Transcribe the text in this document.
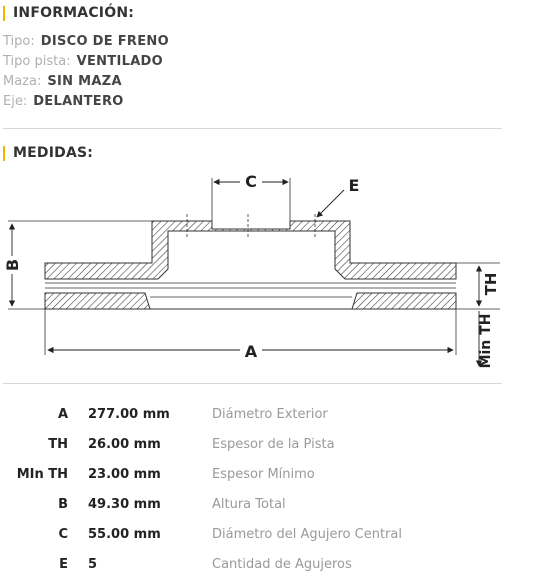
INFORMACIÓN:
Tipo: DISCO DE FRENO
Tipo pista: VENTILADO
Maza: SIN MAZA
Eje: DELANTERO
MEDIDAS:
C	E
B
A
TH
Min TH
A 277.00 mm	Diámetro Exterior
TH 26.00 mm	Espesor de la Pista
MIn TH 23.00 mm	Espesor Mínimo
B 49.30 mm	Altura Total
C 55.00 mm	Diámetro del Agujero Central
E 5	Cantidad de Agujeros
